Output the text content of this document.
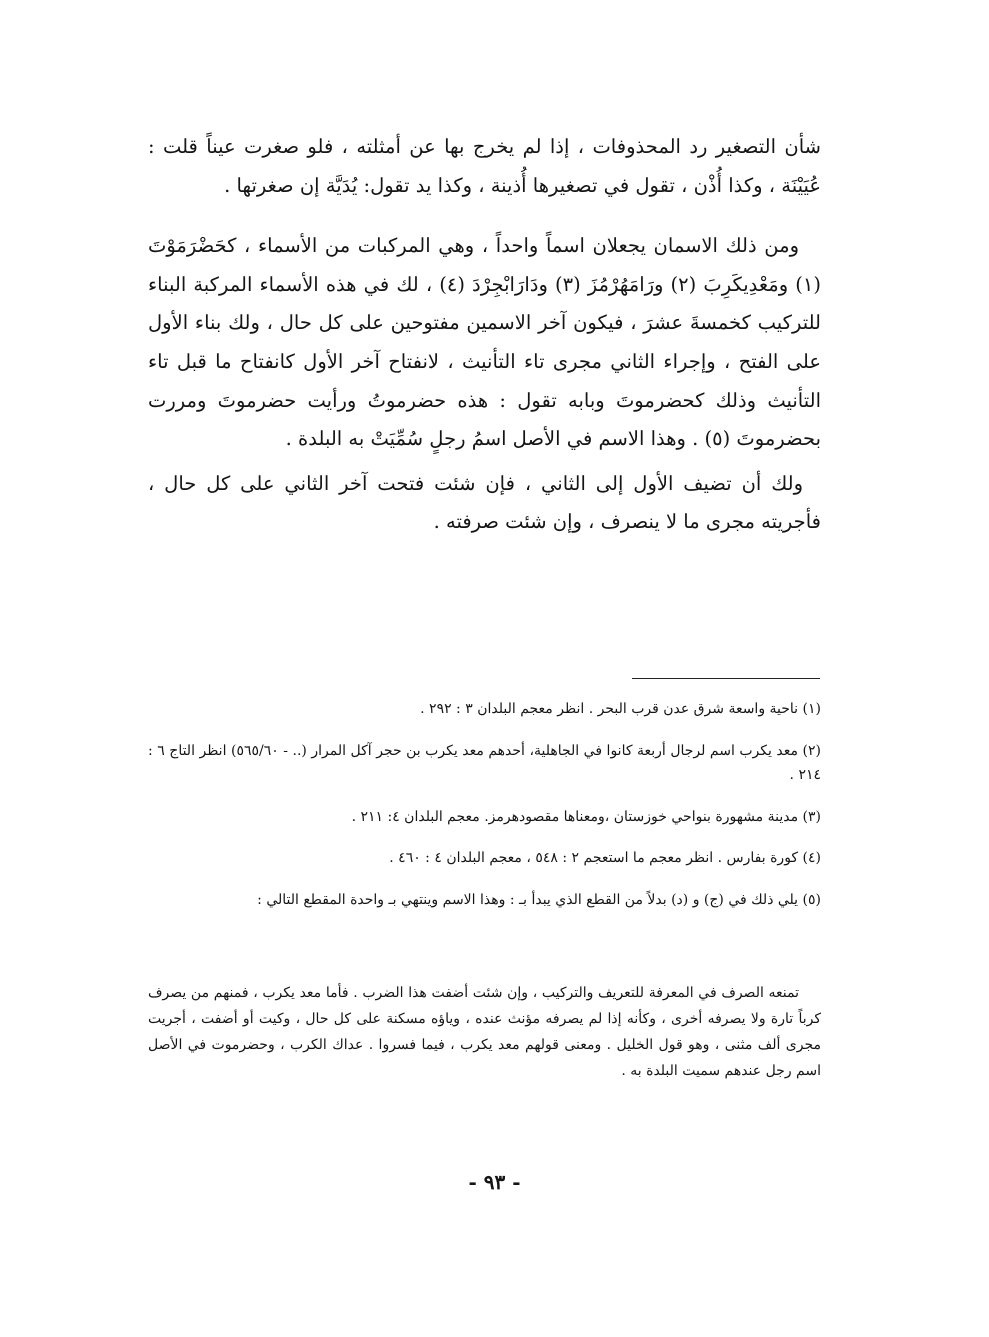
شأن التصغير رد المحذوفات ، إذا لم يخرج بها عن أمثلته ، فلو صغرت عيناً قلت : عُيَيْنَة ، وكذا أُذْن ، تقول في تصغيرها أُذينة ، وكذا يد تقول: يُدَيَّة إن صغرتها .

ومن ذلك الاسمان يجعلان اسماً واحداً ، وهي المركبات من الأسماء ، كحَضْرَمَوْتَ (١) ومَعْدِيكَرِبَ (٢) ورَامَهُرْمُزَ (٣) ودَارَابْجِرْدَ (٤) ، لك في هذه الأسماء المركبة البناء للتركيب كخمسةَ عشرَ ، فيكون آخر الاسمين مفتوحين على كل حال ، ولك بناء الأول على الفتح ، وإجراء الثاني مجرى تاء التأنيث ، لانفتاح آخر الأول كانفتاح ما قبل تاء التأنيث وذلك كحضرموتَ وبابه تقول : هذه حضرموتُ ورأيت حضرموتَ ومررت بحضرموتَ (٥) . وهذا الاسم في الأصل اسمُ رجلٍ سُمِّيَتْ به البلدة .

ولك أن تضيف الأول إلى الثاني ، فإن شئت فتحت آخر الثاني على كل حال ، فأجريته مجرى ما لا ينصرف ، وإن شئت صرفته .

(١) ناحية واسعة شرق عدن قرب البحر . انظر معجم البلدان ٣ : ٢٩٢ .

(٢) معد يكرب اسم لرجال أربعة كانوا في الجاهلية، أحدهم معد يكرب بن حجر آكل المرار (.. - ٥٦٥/٦٠) انظر التاج ٦ : ٢١٤ .

(٣) مدينة مشهورة بنواحي خوزستان ،ومعناها مقصودهرمز. معجم البلدان ٤: ٢١١ .

(٤) كورة بفارس . انظر معجم ما استعجم ٢ : ٥٤٨ ، معجم البلدان ٤ : ٤٦٠ .

(٥) يلي ذلك في (ج) و (د) بدلاً من القطع الذي يبدأ بـ : وهذا الاسم وينتهي بـ واحدة المقطع التالي :

تمنعه الصرف في المعرفة للتعريف والتركيب ، وإن شئت أضفت هذا الضرب . فأما معد يكرب ، فمنهم من يصرف كرباً تارة ولا يصرفه أخرى ، وكأنه إذا لم يصرفه مؤنث عنده ، وياؤه مسكنة على كل حال ، وكيت أو أضفت ، أجريت مجرى ألف مثنى ، وهو قول الخليل . ومعنى قولهم معد يكرب ، فيما فسروا . عداك الكرب ، وحضرموت في الأصل اسم رجل عندهم سميت البلدة به .

- ٩٣ -
